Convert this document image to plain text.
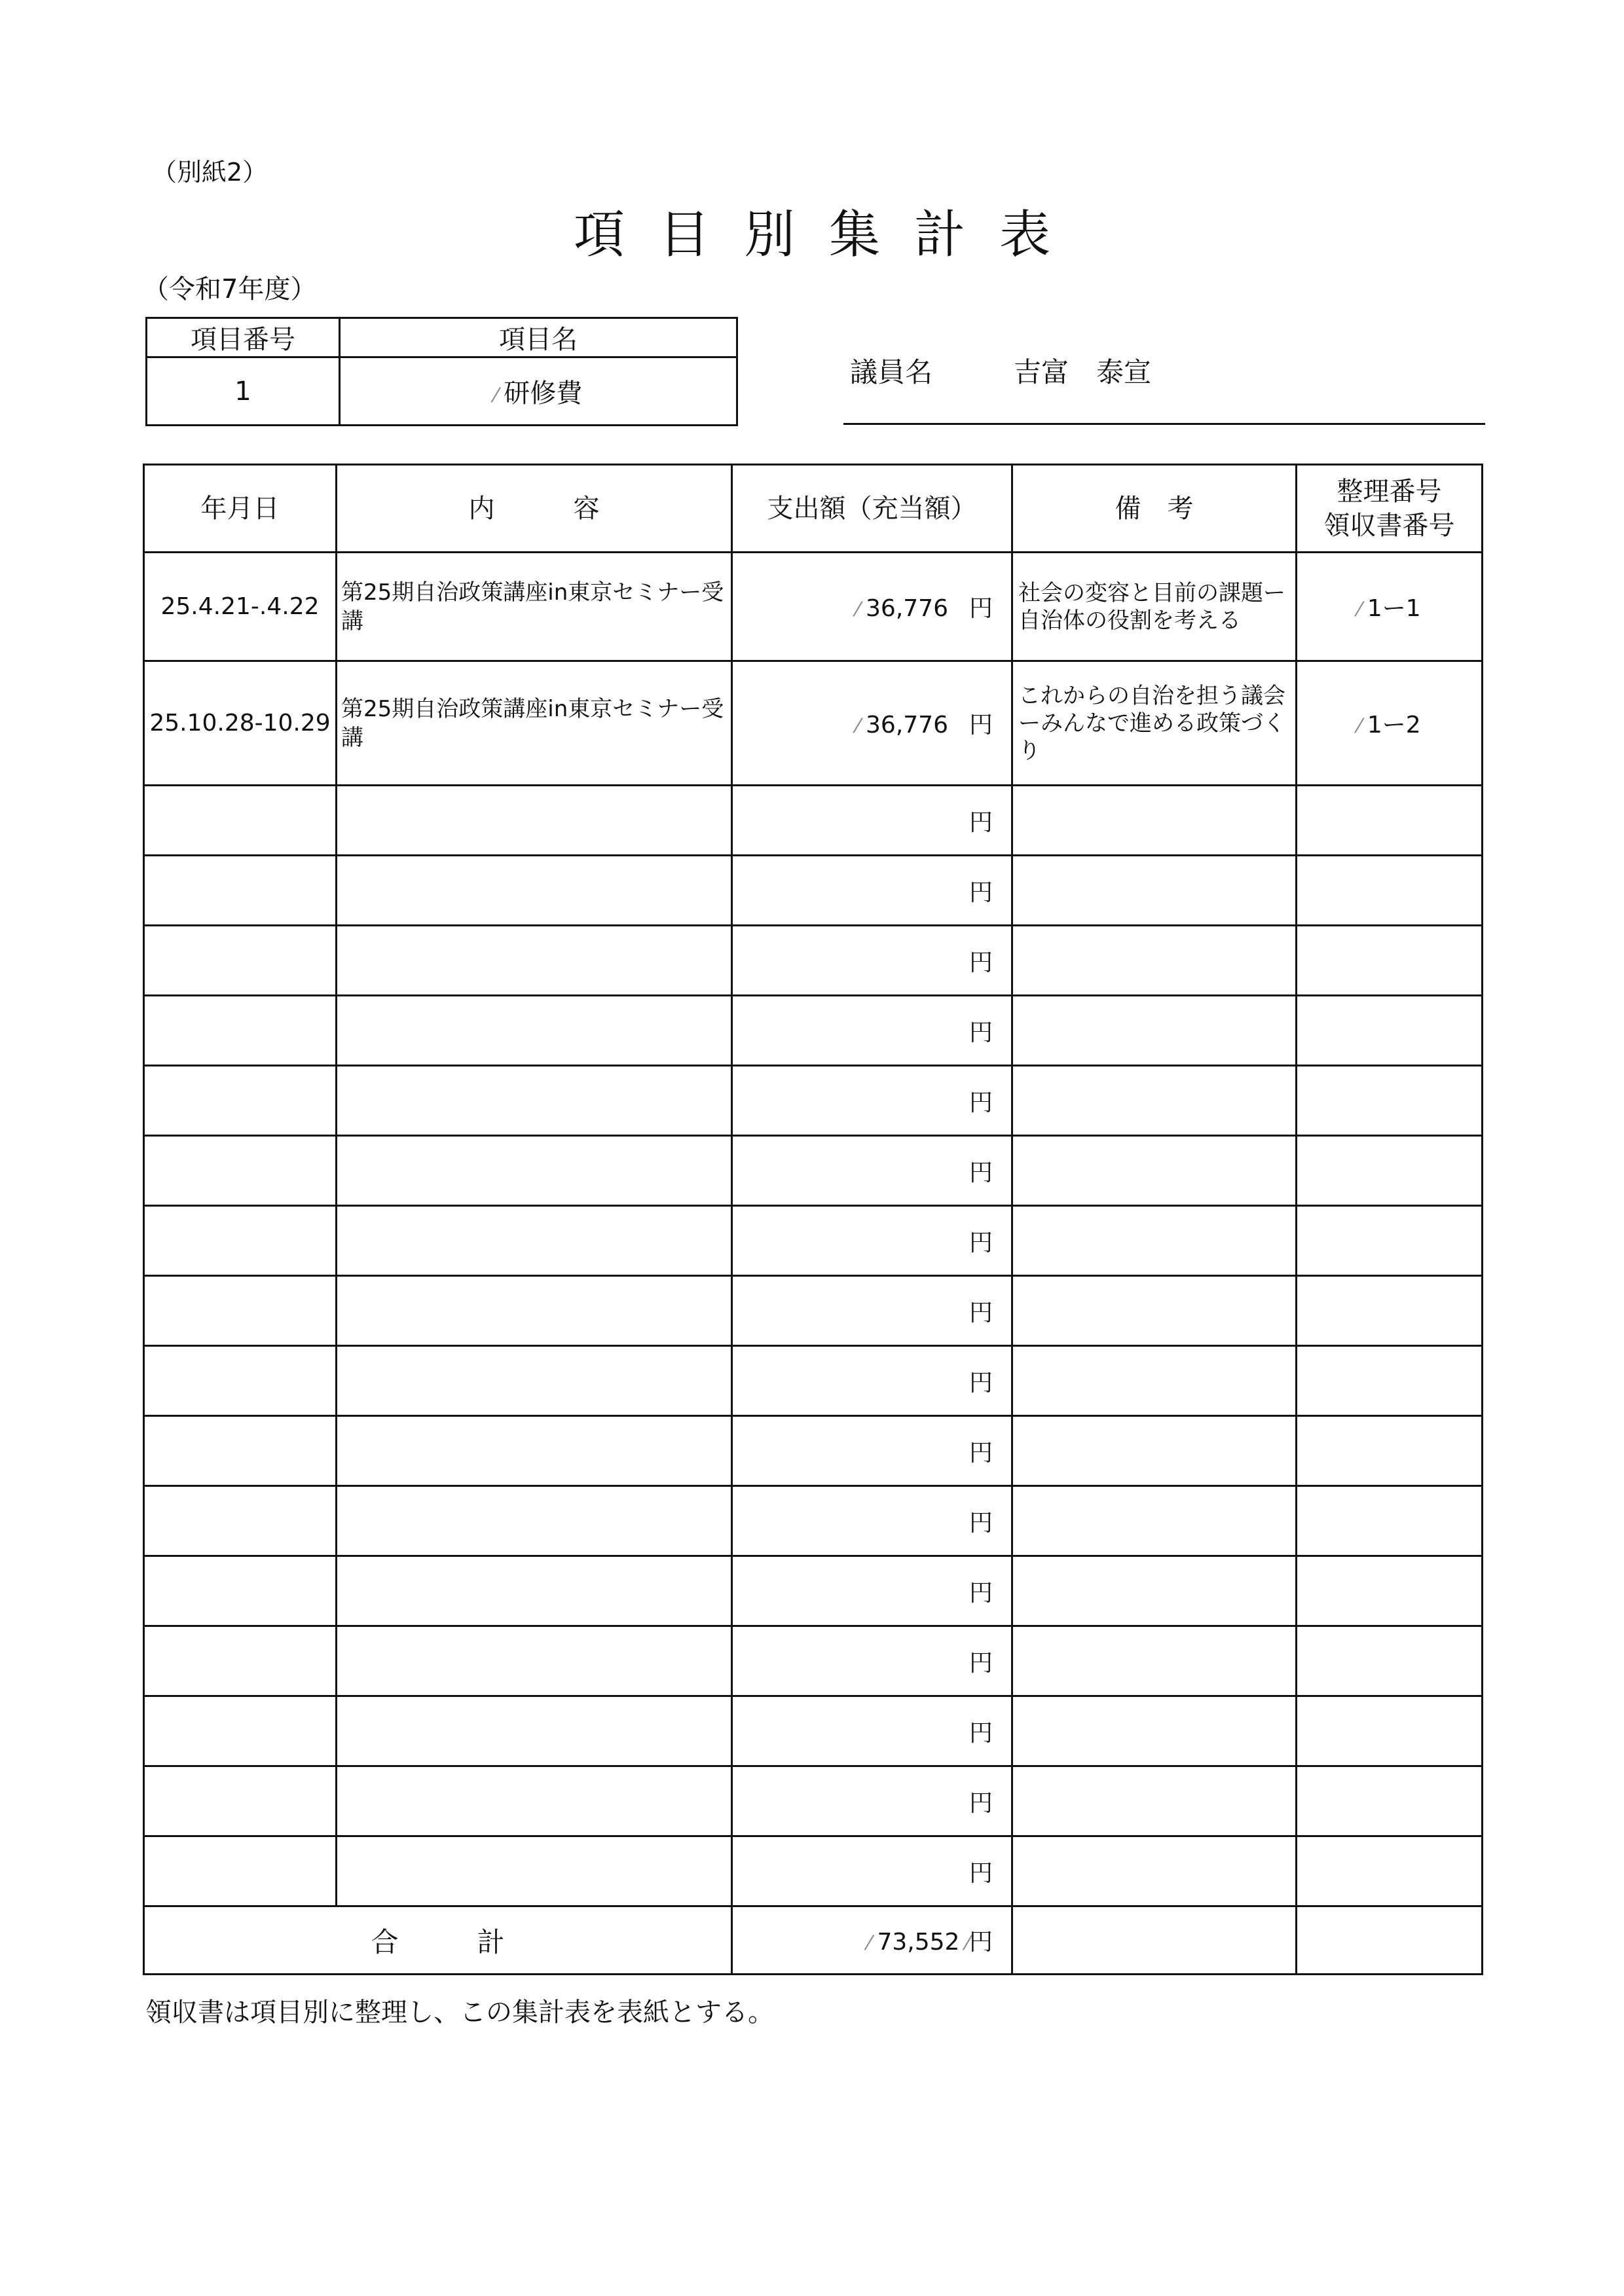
（別紙2）
項目別集計表
（令和7年度）
項目番号	項目名
1	⁄ 研修費
議員名	吉富　泰宣
年月日	内　　　容	支出額（充当額）	備　考	整理番号
領収書番号

25.4.21-.4.22	第25期自治政策講座in東京セミナー受講	⁄ 36,776 円	社会の変容と目前の課題ー自治体の役割を考える	⁄ 1ー1
25.10.28-10.29	第25期自治政策講座in東京セミナー受講	⁄ 36,776 円	これからの自治を担う議会ーみんなで進める政策づくり	⁄ 1ー2
		円		
		円		
		円		
		円		
		円		
		円		
		円		
		円		
		円		
		円		
		円		
		円		
		円		
		円		
		円		
		円		
合計		⁄ 73,552 ⁄円		
領収書は項目別に整理し、この集計表を表紙とする。
